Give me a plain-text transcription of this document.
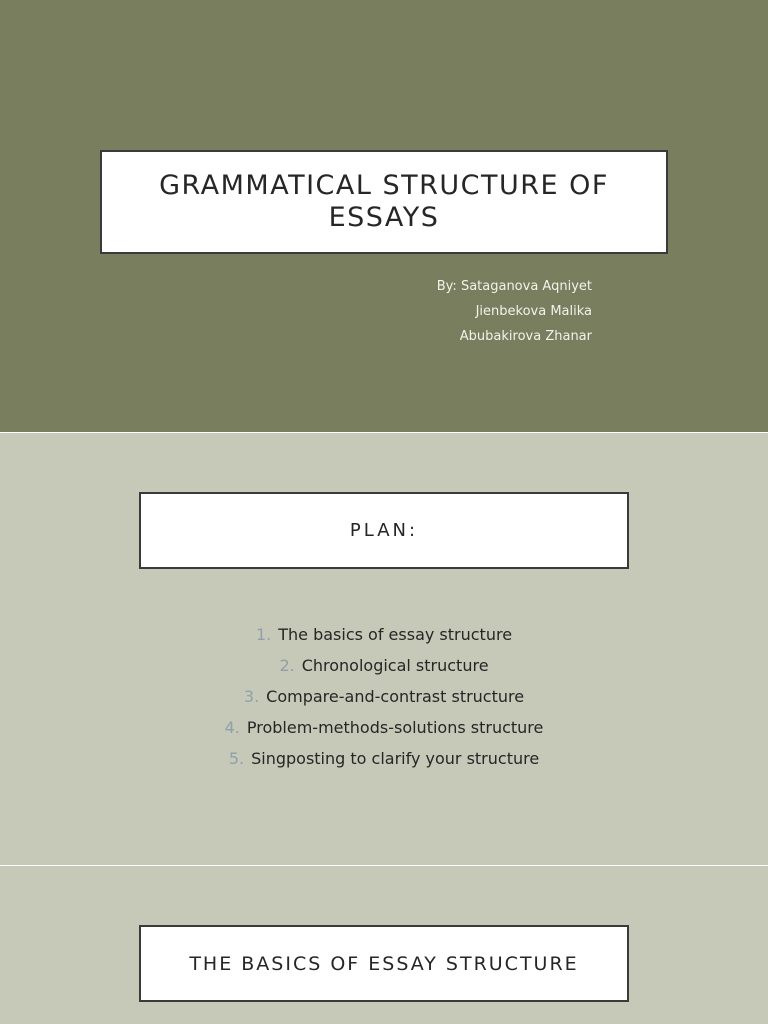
GRAMMATICAL STRUCTURE OF ESSAYS
By: Sataganova Aqniyet
Jienbekova Malika
Abubakirova Zhanar
PLAN:
1. The basics of essay structure
2. Chronological structure
3. Compare-and-contrast structure
4. Problem-methods-solutions structure
5. Singposting to clarify your structure
THE BASICS OF ESSAY STRUCTURE
